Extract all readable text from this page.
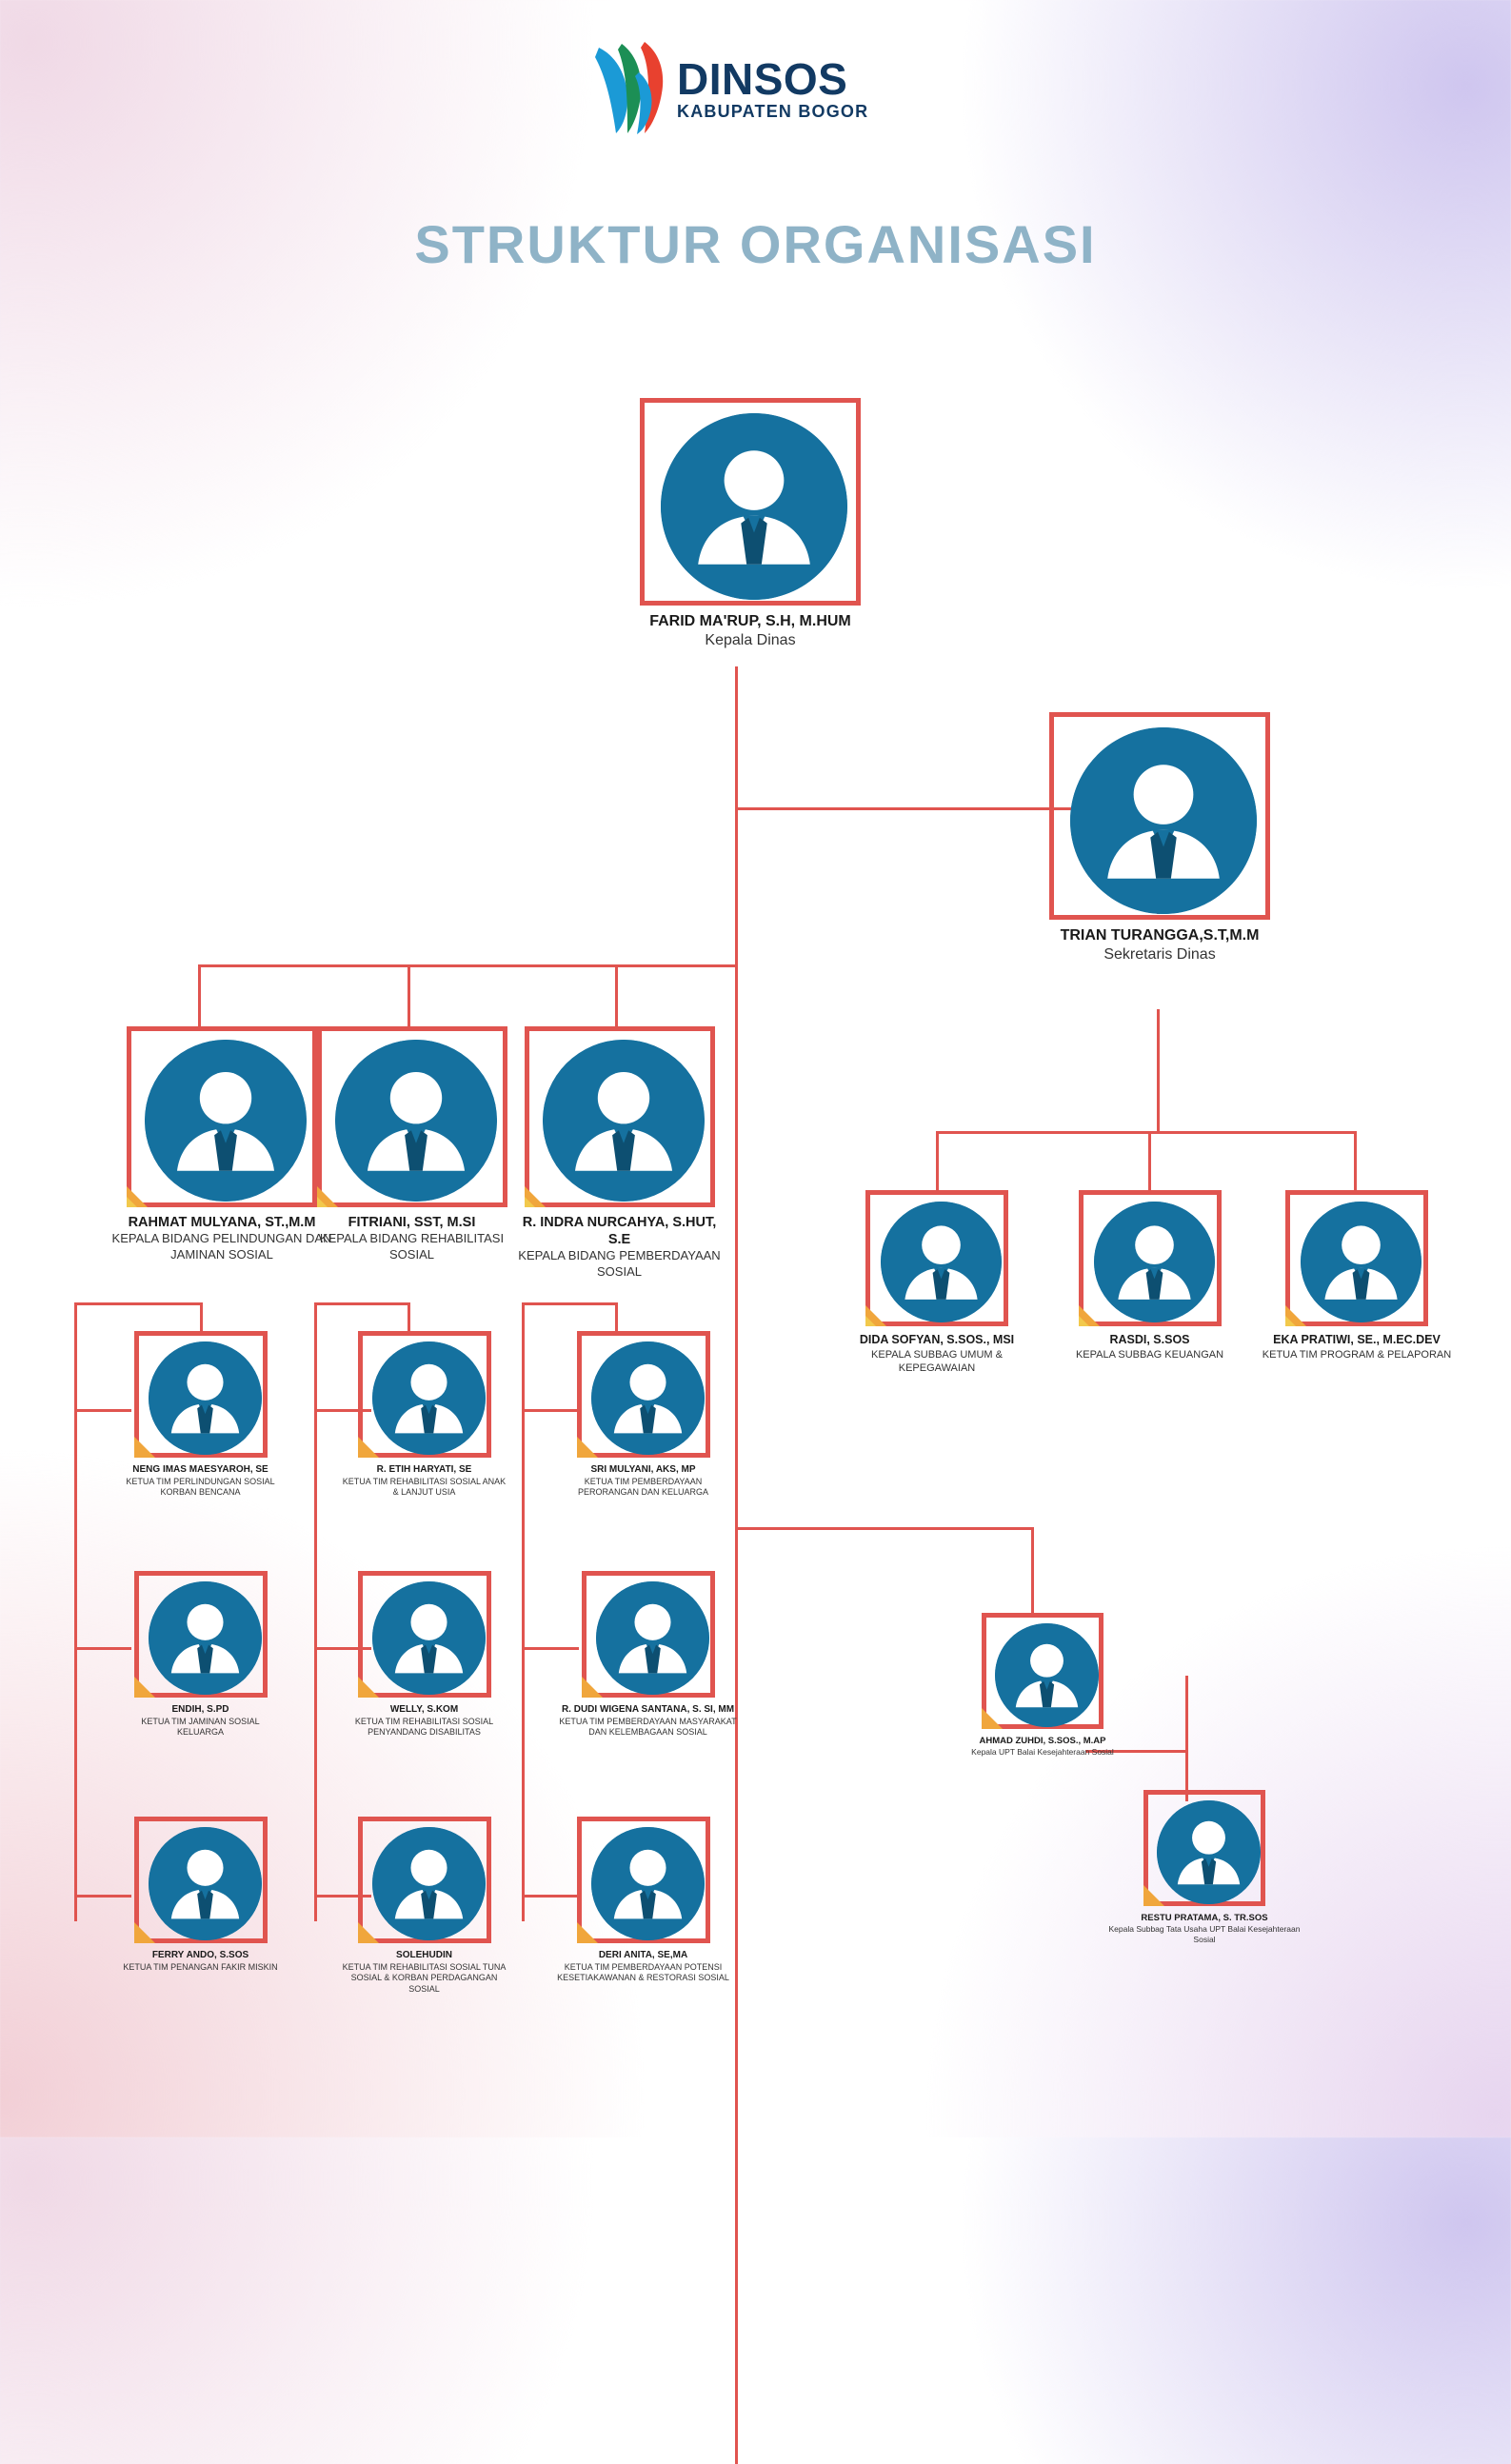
DINSOS
KABUPATEN BOGOR
STRUKTUR ORGANISASI
FARID MA'RUP, S.H, M.HUM
Kepala Dinas
TRIAN TURANGGA,S.T,M.M
Sekretaris Dinas
RAHMAT MULYANA, ST.,M.M
KEPALA BIDANG PELINDUNGAN DAN JAMINAN SOSIAL
FITRIANI, SST, M.SI
KEPALA BIDANG REHABILITASI SOSIAL
R. INDRA NURCAHYA, S.HUT, S.E
KEPALA BIDANG PEMBERDAYAAN SOSIAL
DIDA SOFYAN, S.SOS., MSI
KEPALA SUBBAG UMUM & KEPEGAWAIAN
RASDI, S.SOS
KEPALA SUBBAG KEUANGAN
EKA PRATIWI, SE., M.EC.DEV
KETUA TIM PROGRAM & PELAPORAN
NENG IMAS MAESYAROH, SE
KETUA TIM PERLINDUNGAN SOSIAL KORBAN BENCANA
ENDIH, S.PD
KETUA TIM JAMINAN SOSIAL KELUARGA
FERRY ANDO, S.SOS
KETUA TIM PENANGAN FAKIR MISKIN
R. ETIH HARYATI, SE
KETUA TIM REHABILITASI SOSIAL ANAK & LANJUT USIA
WELLY, S.KOM
KETUA TIM REHABILITASI SOSIAL PENYANDANG DISABILITAS
SOLEHUDIN
KETUA TIM REHABILITASI SOSIAL TUNA SOSIAL & KORBAN PERDAGANGAN SOSIAL
SRI MULYANI, AKS, MP
KETUA TIM PEMBERDAYAAN PERORANGAN DAN KELUARGA
R. DUDI WIGENA SANTANA, S. SI, MM
KETUA TIM PEMBERDAYAAN MASYARAKAT DAN KELEMBAGAAN SOSIAL
DERI ANITA, SE,MA
KETUA TIM PEMBERDAYAAN POTENSI KESETIAKAWANAN & RESTORASI SOSIAL
AHMAD ZUHDI, S.SOS., M.AP
Kepala UPT Balai Kesejahteraan Sosial
RESTU PRATAMA, S. TR.SOS
Kepala Subbag Tata Usaha UPT Balai Kesejahteraan Sosial
